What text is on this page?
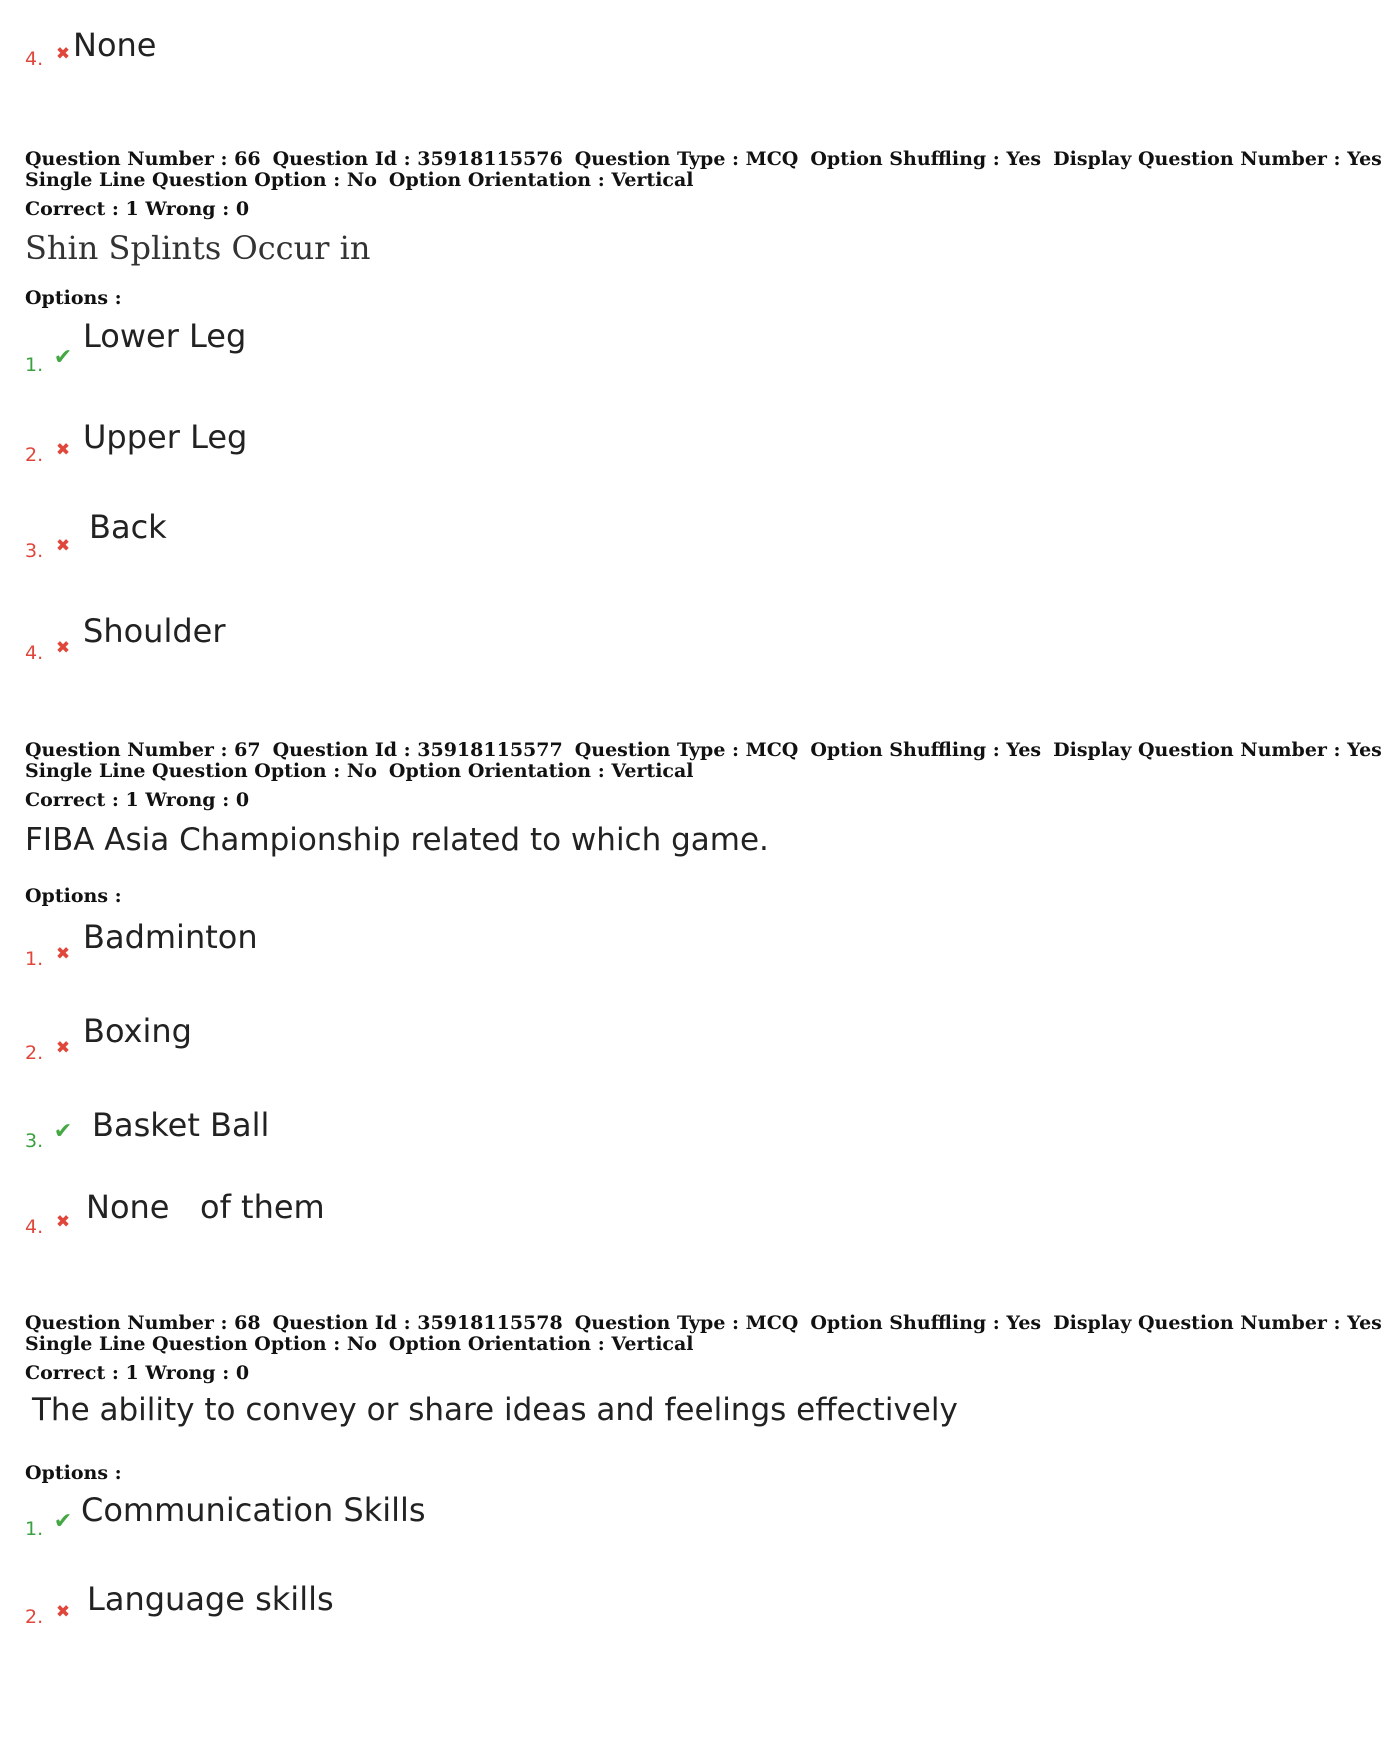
4. ✖ None
Question Number : 66 Question Id : 35918115576 Question Type : MCQ Option Shuffling : Yes Display Question Number : Yes
Single Line Question Option : No Option Orientation : Vertical
Correct : 1 Wrong : 0
Shin Splints Occur in
Options :
1. ✔
Lower Leg
2. ✖ Upper Leg
3. ✖ Back
4. ✖ Shoulder
Question Number : 67 Question Id : 35918115577 Question Type : MCQ Option Shuffling : Yes Display Question Number : Yes
Single Line Question Option : No Option Orientation : Vertical
Correct : 1 Wrong : 0
FIBA Asia Championship related to which game.
Options :
1. ✖ Badminton
2. ✖ Boxing
3. ✔ Basket Ball
4. ✖ None   of them
Question Number : 68 Question Id : 35918115578 Question Type : MCQ Option Shuffling : Yes Display Question Number : Yes
Single Line Question Option : No Option Orientation : Vertical
Correct : 1 Wrong : 0
The ability to convey or share ideas and feelings effectively
Options :
1. ✔ Communication Skills
2. ✖ Language skills
